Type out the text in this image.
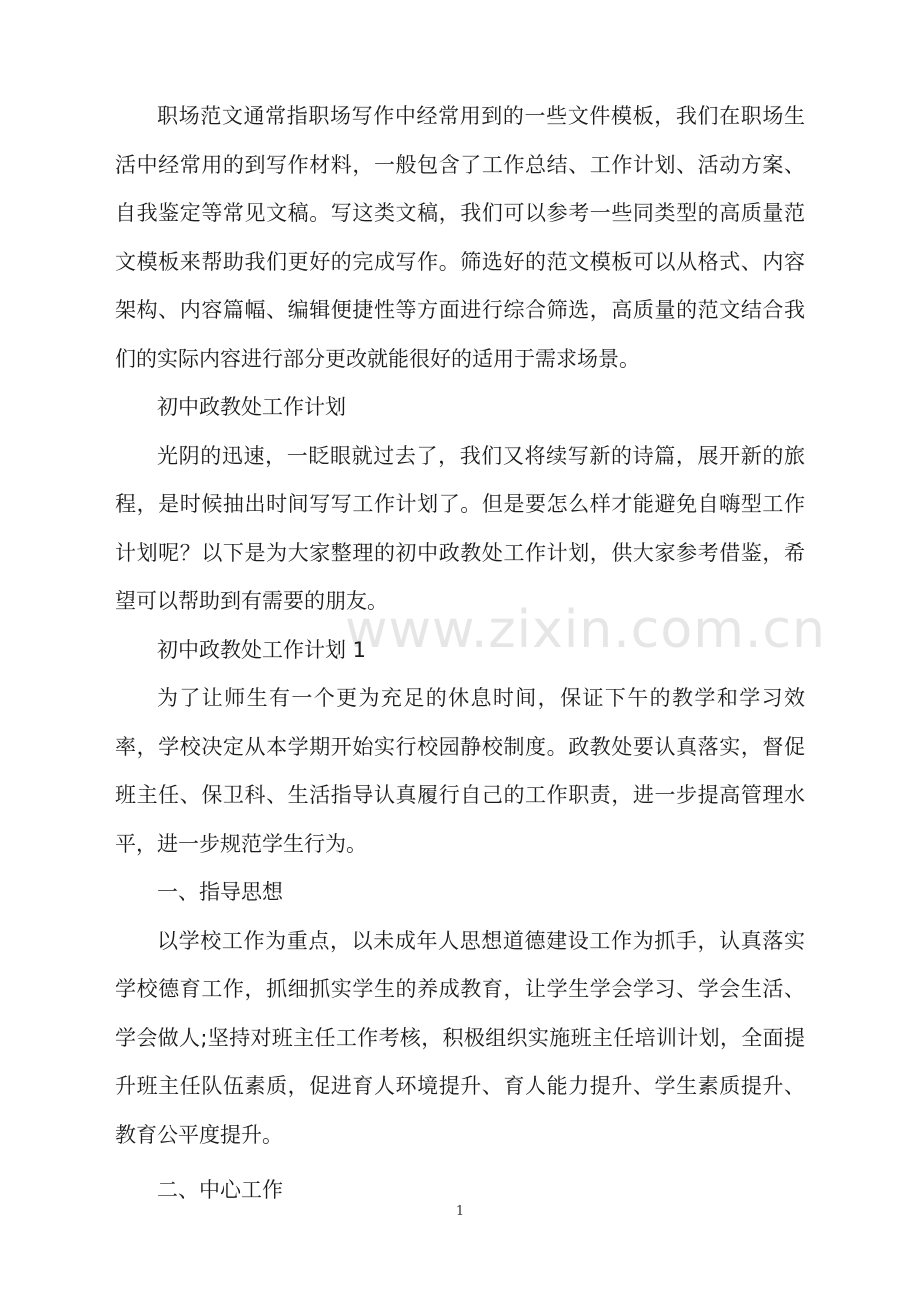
www.zixin.com.cn

职场范文通常指职场写作中经常用到的一些文件模板，我们在职场生活中经常用的到写作材料，一般包含了工作总结、工作计划、活动方案、自我鉴定等常见文稿。写这类文稿，我们可以参考一些同类型的高质量范文模板来帮助我们更好的完成写作。筛选好的范文模板可以从格式、内容架构、内容篇幅、编辑便捷性等方面进行综合筛选，高质量的范文结合我们的实际内容进行部分更改就能很好的适用于需求场景。

初中政教处工作计划

光阴的迅速，一眨眼就过去了，我们又将续写新的诗篇，展开新的旅程，是时候抽出时间写写工作计划了。但是要怎么样才能避免自嗨型工作计划呢？以下是为大家整理的初中政教处工作计划，供大家参考借鉴，希望可以帮助到有需要的朋友。

初中政教处工作计划 1

为了让师生有一个更为充足的休息时间，保证下午的教学和学习效率，学校决定从本学期开始实行校园静校制度。政教处要认真落实，督促班主任、保卫科、生活指导认真履行自己的工作职责，进一步提高管理水平，进一步规范学生行为。

一、指导思想

以学校工作为重点，以未成年人思想道德建设工作为抓手，认真落实学校德育工作，抓细抓实学生的养成教育，让学生学会学习、学会生活、学会做人;坚持对班主任工作考核，积极组织实施班主任培训计划，全面提升班主任队伍素质，促进育人环境提升、育人能力提升、学生素质提升、教育公平度提升。

二、中心工作

1
